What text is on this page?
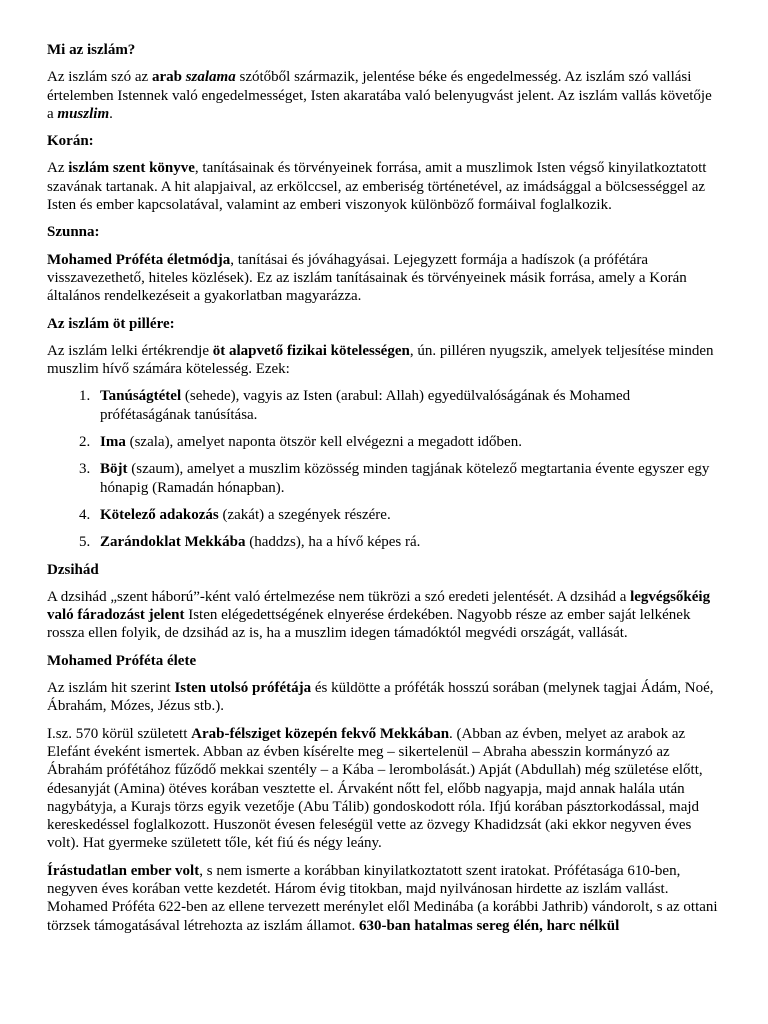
Mi az iszlám?

Az iszlám szó az arab szalama szótőből származik, jelentése béke és engedelmesség. Az iszlám szó vallási értelemben Istennek való engedelmességet, Isten akaratába való belenyugvást jelent. Az iszlám vallás követője a muszlim.

Korán:

Az iszlám szent könyve, tanításainak és törvényeinek forrása, amit a muszlimok Isten végső kinyilatkoztatott szavának tartanak. A hit alapjaival, az erkölccsel, az emberiség történetével, az imádsággal a bölcsességgel az Isten és ember kapcsolatával, valamint az emberi viszonyok különböző formáival foglalkozik.

Szunna:

Mohamed Próféta életmódja, tanításai és jóváhagyásai. Lejegyzett formája a hadíszok (a prófétára visszavezethető, hiteles közlések). Ez az iszlám tanításainak és törvényeinek másik forrása, amely a Korán általános rendelkezéseit a gyakorlatban magyarázza.

Az iszlám öt pillére:

Az iszlám lelki értékrendje öt alapvető fizikai kötelességen, ún. pilléren nyugszik, amelyek teljesítése minden muszlim hívő számára kötelesség. Ezek:

1. Tanúságtétel (sehede), vagyis az Isten (arabul: Allah) egyedülvalóságának és Mohamed prófétaságának tanúsítása.
2. Ima (szala), amelyet naponta ötször kell elvégezni a megadott időben.
3. Böjt (szaum), amelyet a muszlim közösség minden tagjának kötelező megtartania évente egyszer egy hónapig (Ramadán hónapban).
4. Kötelező adakozás (zakát) a szegények részére.
5. Zarándoklat Mekkába (haddzs), ha a hívő képes rá.
Dzsihád

A dzsihád „szent háború”-ként való értelmezése nem tükrözi a szó eredeti jelentését. A dzsihád a legvégsőkéig való fáradozást jelent Isten elégedettségének elnyerése érdekében. Nagyobb része az ember saját lelkének rossza ellen folyik, de dzsihád az is, ha a muszlim idegen támadóktól megvédi országát, vallását.

Mohamed Próféta élete

Az iszlám hit szerint Isten utolsó prófétája és küldötte a próféták hosszú sorában (melynek tagjai Ádám, Noé, Ábrahám, Mózes, Jézus stb.).

I.sz. 570 körül született Arab-félsziget közepén fekvő Mekkában. (Abban az évben, melyet az arabok az Elefánt éveként ismertek. Abban az évben kísérelte meg – sikertelenül – Abraha abesszin kormányzó az Ábrahám prófétához fűződő mekkai szentély – a Kába – lerombolását.) Apját (Abdullah) még születése előtt, édesanyját (Amina) ötéves korában vesztette el. Árvaként nőtt fel, előbb nagyapja, majd annak halála után nagybátyja, a Kurajs törzs egyik vezetője (Abu Tálib) gondoskodott róla. Ifjú korában pásztorkodással, majd kereskedéssel foglalkozott. Huszonöt évesen feleségül vette az özvegy Khadidzsát (aki ekkor negyven éves volt). Hat gyermeke született tőle, két fiú és négy leány.

Írástudatlan ember volt, s nem ismerte a korábban kinyilatkoztatott szent iratokat. Prófétasága 610-ben, negyven éves korában vette kezdetét. Három évig titokban, majd nyilvánosan hirdette az iszlám vallást. Mohamed Próféta 622-ben az ellene tervezett merénylet elől Medinába (a korábbi Jathrib) vándorolt, s az ottani törzsek támogatásával létrehozta az iszlám államot. 630-ban hatalmas sereg élén, harc nélkül
